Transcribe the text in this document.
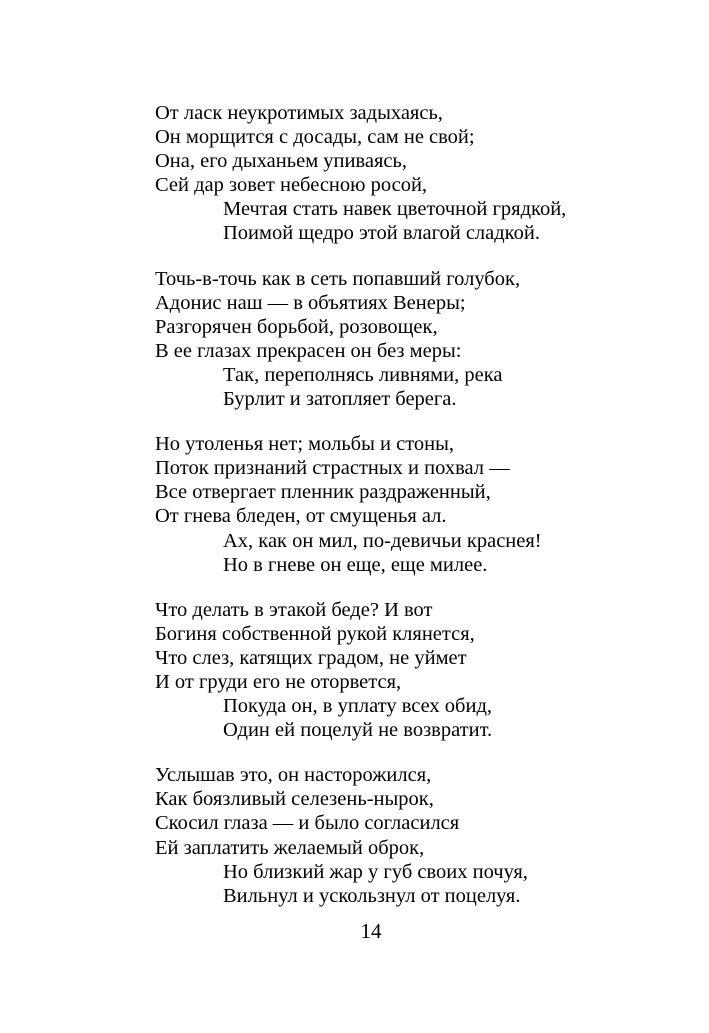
От ласк неукротимых задыхаясь,
Он морщится с досады, сам не свой;
Она, его дыханьем упиваясь,
Сей дар зовет небесною росой,
Мечтая стать навек цветочной грядкой,
Поимой щедро этой влагой сладкой.
Точь-в-точь как в сеть попавший голубок,
Адонис наш — в объятиях Венеры;
Разгорячен борьбой, розовощек,
В ее глазах прекрасен он без меры:
Так, переполнясь ливнями, река
Бурлит и затопляет берега.
Но утоленья нет; мольбы и стоны,
Поток признаний страстных и похвал —
Все отвергает пленник раздраженный,
От гнева бледен, от смущенья ал.
Ах, как он мил, по-девичьи краснея!
Но в гневе он еще, еще милее.
Что делать в этакой беде? И вот
Богиня собственной рукой клянется,
Что слез, катящих градом, не уймет
И от груди его не оторвется,
Покуда он, в уплату всех обид,
Один ей поцелуй не возвратит.
Услышав это, он насторожился,
Как боязливый селезень-нырок,
Скосил глаза — и было согласился
Ей заплатить желаемый оброк,
Но близкий жар у губ своих почуя,
Вильнул и ускользнул от поцелуя.
14
